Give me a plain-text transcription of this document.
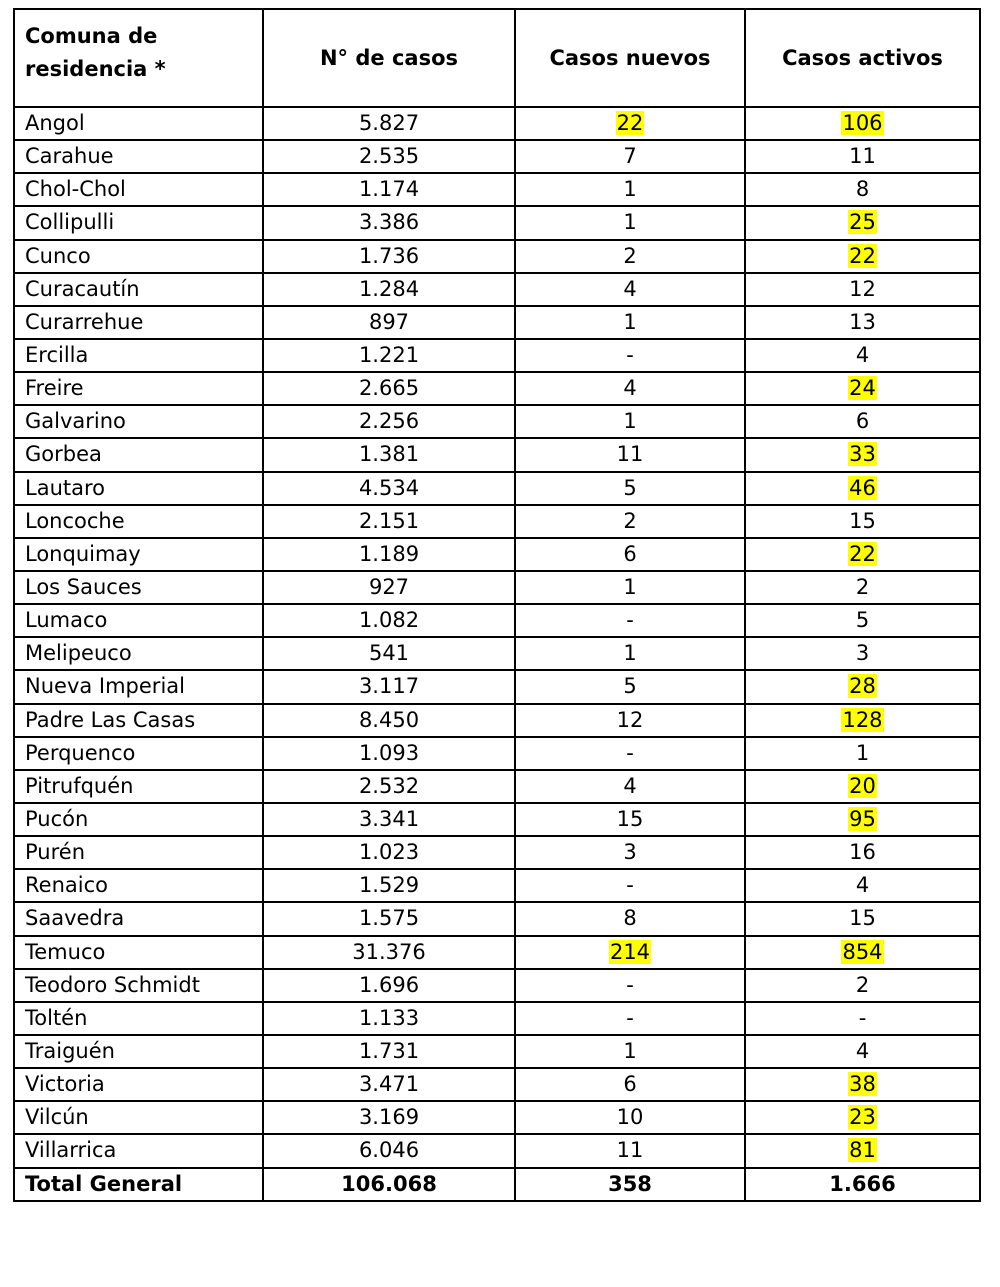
Comuna de residencia *	N° de casos	Casos nuevos	Casos activos
Angol	5.827	22	106
Carahue	2.535	7	11
Chol-Chol	1.174	1	8
Collipulli	3.386	1	25
Cunco	1.736	2	22
Curacautín	1.284	4	12
Curarrehue	897	1	13
Ercilla	1.221	-	4
Freire	2.665	4	24
Galvarino	2.256	1	6
Gorbea	1.381	11	33
Lautaro	4.534	5	46
Loncoche	2.151	2	15
Lonquimay	1.189	6	22
Los Sauces	927	1	2
Lumaco	1.082	-	5
Melipeuco	541	1	3
Nueva Imperial	3.117	5	28
Padre Las Casas	8.450	12	128
Perquenco	1.093	-	1
Pitrufquén	2.532	4	20
Pucón	3.341	15	95
Purén	1.023	3	16
Renaico	1.529	-	4
Saavedra	1.575	8	15
Temuco	31.376	214	854
Teodoro Schmidt	1.696	-	2
Toltén	1.133	-	-
Traiguén	1.731	1	4
Victoria	3.471	6	38
Vilcún	3.169	10	23
Villarrica	6.046	11	81
Total General	106.068	358	1.666
